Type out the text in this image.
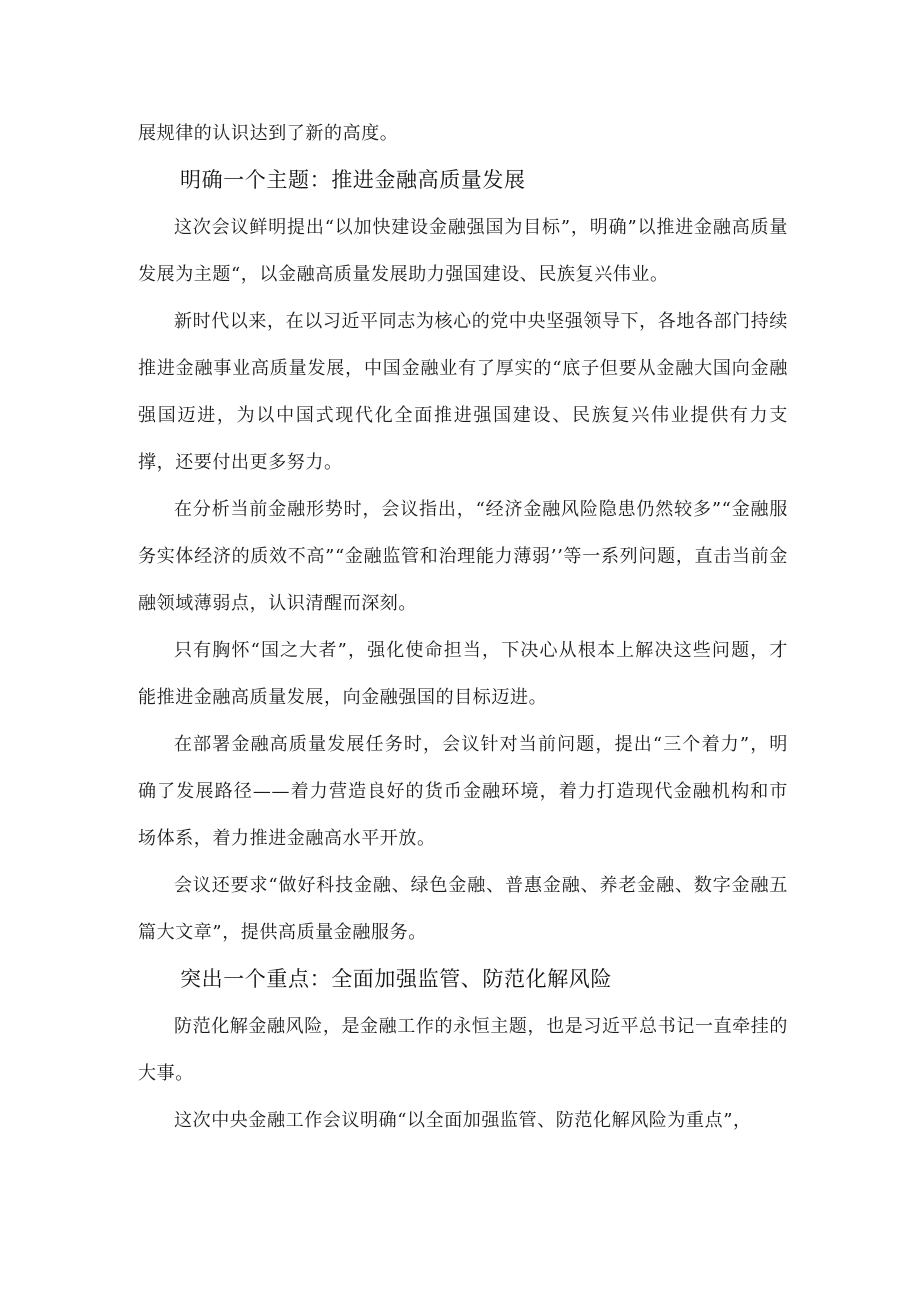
展规律的认识达到了新的高度。

明确一个主题：推进金融高质量发展

这次会议鲜明提出“以加快建设金融强国为目标”，明确”以推进金融高质量发展为主题“，以金融高质量发展助力强国建设、民族复兴伟业。

新时代以来，在以习近平同志为核心的党中央坚强领导下，各地各部门持续推进金融事业高质量发展，中国金融业有了厚实的“底子但要从金融大国向金融强国迈进，为以中国式现代化全面推进强国建设、民族复兴伟业提供有力支撑，还要付出更多努力。

在分析当前金融形势时，会议指出，“经济金融风险隐患仍然较多”“金融服务实体经济的质效不高”“金融监管和治理能力薄弱’’等一系列问题，直击当前金融领域薄弱点，认识清醒而深刻。

只有胸怀“国之大者”，强化使命担当，下决心从根本上解决这些问题，才能推进金融高质量发展，向金融强国的目标迈进。

在部署金融高质量发展任务时，会议针对当前问题，提出“三个着力”，明确了发展路径——着力营造良好的货币金融环境，着力打造现代金融机构和市场体系，着力推进金融高水平开放。

会议还要求“做好科技金融、绿色金融、普惠金融、养老金融、数字金融五篇大文章”，提供高质量金融服务。

突出一个重点：全面加强监管、防范化解风险

防范化解金融风险，是金融工作的永恒主题，也是习近平总书记一直牵挂的大事。

这次中央金融工作会议明确“以全面加强监管、防范化解风险为重点”，
